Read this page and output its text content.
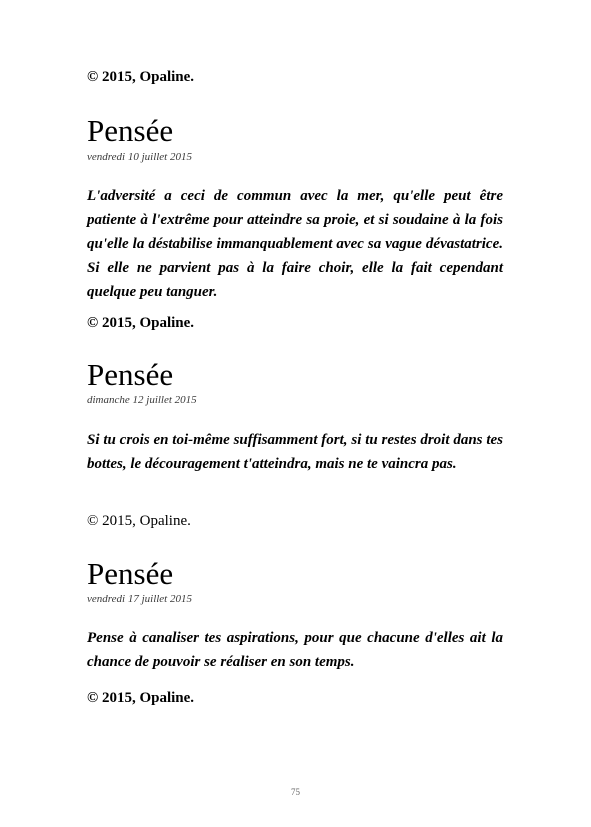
© 2015, Opaline.
Pensée
vendredi 10 juillet 2015

L'adversité a ceci de commun avec la mer, qu'elle peut être patiente à l'extrême pour atteindre sa proie, et si soudaine à la fois qu'elle la déstabilise immanquablement avec sa vague dévastatrice. Si elle ne parvient pas à la faire choir, elle la fait cependant quelque peu tanguer.

© 2015, Opaline.
Pensée
dimanche 12 juillet 2015

Si tu crois en toi-même suffisamment fort, si tu restes droit dans tes bottes, le découragement t'atteindra, mais ne te vaincra pas.

© 2015, Opaline.
Pensée
vendredi 17 juillet 2015

Pense à canaliser tes aspirations, pour que chacune d'elles ait la chance de pouvoir se réaliser en son temps.

© 2015, Opaline.
75
